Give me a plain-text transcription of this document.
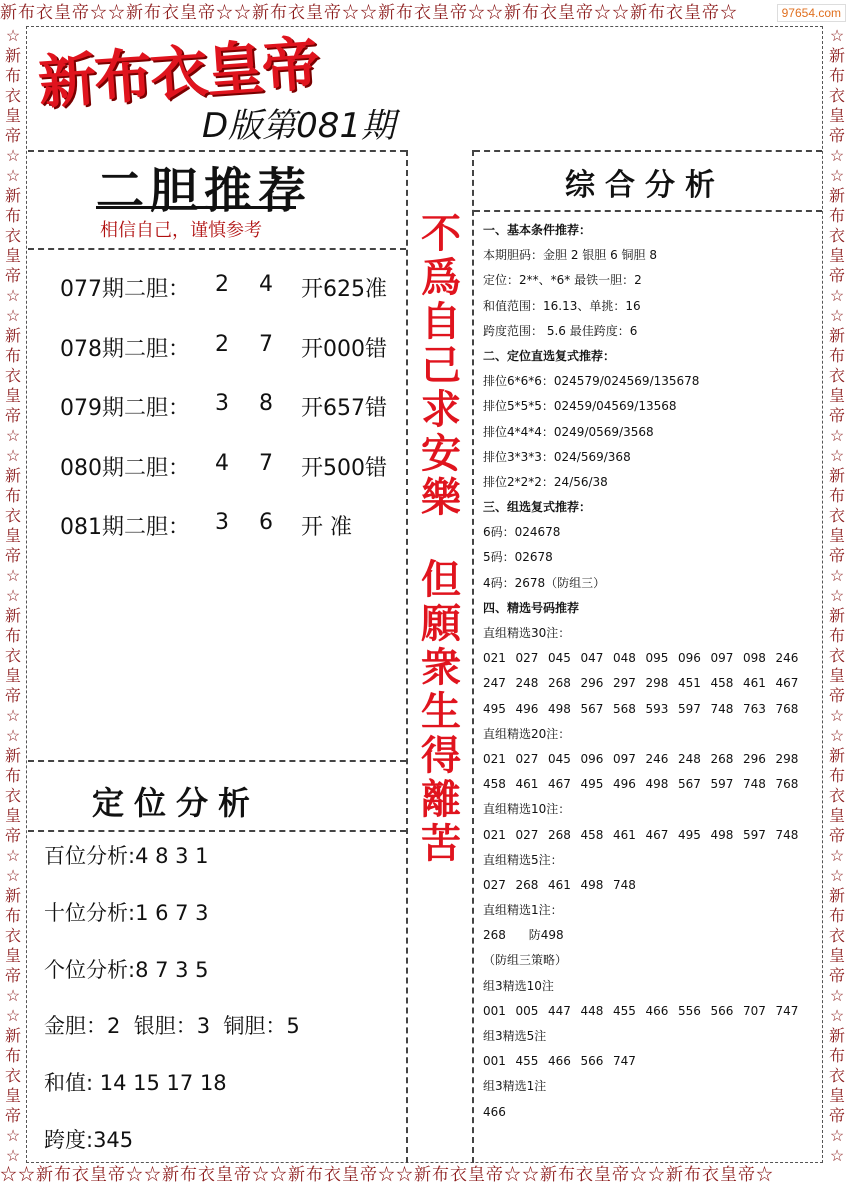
新布衣皇帝☆☆新布衣皇帝☆☆新布衣皇帝☆☆新布衣皇帝☆☆新布衣皇帝☆☆新布衣皇帝☆
☆☆新布衣皇帝☆☆新布衣皇帝☆☆新布衣皇帝☆☆新布衣皇帝☆☆新布衣皇帝☆☆新布衣皇帝☆
☆
新
布
衣
皇
帝
☆
☆
新
布
衣
皇
帝
☆
☆
新
布
衣
皇
帝
☆
☆
新
布
衣
皇
帝
☆
☆
新
布
衣
皇
帝
☆
☆
新
布
衣
皇
帝
☆
☆
新
布
衣
皇
帝
☆
☆
新
布
衣
皇
帝
☆
☆
☆
新
布
衣
皇
帝
☆
☆
新
布
衣
皇
帝
☆
☆
新
布
衣
皇
帝
☆
☆
新
布
衣
皇
帝
☆
☆
新
布
衣
皇
帝
☆
☆
新
布
衣
皇
帝
☆
☆
新
布
衣
皇
帝
☆
☆
新
布
衣
皇
帝
☆
☆
97654.com
新布衣皇帝
D版第081期
二胆推荐
相信自己，谨慎参考
077期二胆：	2	4	开625准
078期二胆：	2	7	开000错
079期二胆：	3	8	开657错
080期二胆：	4	7	开500错
081期二胆：	3	6	开 准
不爲自己求安樂
但願衆生得離苦
定位分析
百位分析:4 8 3 1
十位分析:1 6 7 3
个位分析:8 7 3 5
金胆：2  银胆：3  铜胆：5
和值: 14 15 17 18
跨度:345
综合分析
一、基本条件推荐：
本期胆码：金胆 2 银胆 6 铜胆 8
定位：2**、*6* 最铁一胆：2
和值范围：16.13、单挑：16
跨度范围： 5.6 最佳跨度：6
二、定位直选复式推荐：
排位6*6*6：024579/024569/135678
排位5*5*5：02459/04569/13568
排位4*4*4：0249/0569/3568
排位3*3*3：024/569/368
排位2*2*2：24/56/38
三、组选复式推荐：
6码：024678
5码：02678
4码：2678（防组三）
四、精选号码推荐
直组精选30注：
021 027 045 047 048 095 096 097 098 246
247 248 268 296 297 298 451 458 461 467
495 496 498 567 568 593 597 748 763 768
直组精选20注：
021 027 045 096 097 246 248 268 296 298
458 461 467 495 496 498 567 597 748 768
直组精选10注：
021 027 268 458 461 467 495 498 597 748
直组精选5注：
027 268 461 498 748
直组精选1注：
268      防498
（防组三策略）
组3精选10注
001 005 447 448 455 466 556 566 707 747
组3精选5注
001 455 466 566 747
组3精选1注
466
